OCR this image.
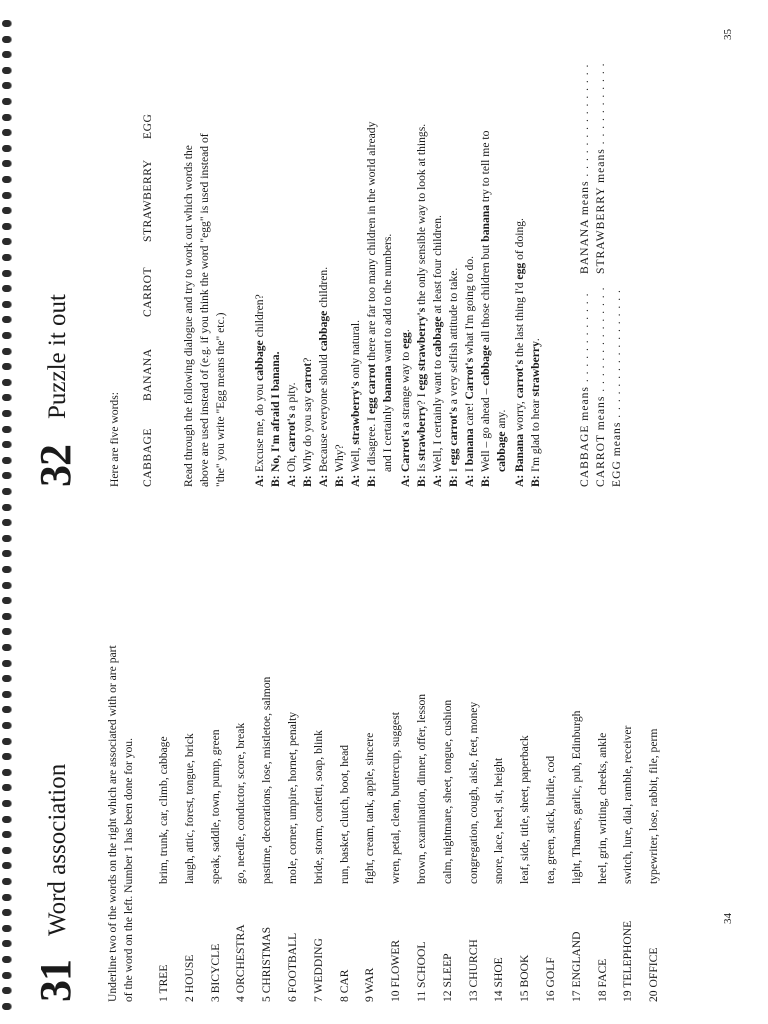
31
Word association	Underline two of the words on the right which are associated with or are part of the word on the left. Number 1 has been done for you. 1 TREE
brim, trunk, car, climb, cabbage
2 HOUSE
laugh, attic, forest, tongue, brick
3 BICYCLE
speak, saddle, town, pump, green
4 ORCHESTRA
go, needle, conductor, score, break
5 CHRISTMAS
pastime, decorations, lose, mistletoe, salmon
6 FOOTBALL
mole, corner, umpire, hornet, penalty
7 WEDDING
bride, storm, confetti, soap, blink
8 CAR
run, basket, clutch, boot, head
9 WAR
fight, cream, tank, apple, sincere
10 FLOWER
wren, petal, clean, buttercup, suggest
11 SCHOOL
brown, examination, dinner, offer, lesson
12 SLEEP
calm, nightmare, sheet, tongue, cushion
13 CHURCH
congregation, cough, aisle, feet, money
14 SHOE
snore, lace, heel, sit, height
15 BOOK
leaf, side, title, sheet, paperback
16 GOLF
tea, green, stick, birdie, cod
17 ENGLAND
light, Thames, garlic, pub, Edinburgh
18 FACE
heel, grin, writing, cheeks, ankle
19 TELEPHONE
switch, lure, dial, ramble, receiver
20 OFFICE
typewriter, lose, rabbit, file, perm
34
32
Puzzle it out
Here are five words: CABBAGE
BANANA
CARROT
STRAWBERRY
EGG
Read through the following dialogue and try to work out which words the above are used instead of (e.g. if you think the word "egg" is used instead of "the" you write "Egg means the" etc.) A:Excuse me, do you cabbage children?
B:No, I'm afraid I banana.
A:Oh, carrot's a pity.
B:Why do you say carrot?
A:Because everyone should cabbage children.
B:Why?
A:Well, strawberry's only natural.
B:I disagree. I egg carrot there are far too many children in the world already
and I certainly banana want to add to the numbers.
A:Carrot's a strange way to egg.
B:Is strawberry? I egg strawberry's the only sensible way to look at things.
A:Well, I certainly want to cabbage at least four children.
B:I egg carrot's a very selfish attitude to take.
A:I banana care! Carrot's what I'm going to do.
B:Well – go ahead – cabbage all those children but banana try to tell me to
cabbage any.
A:Banana worry, carrot's the last thing I'd egg of doing.
B:I'm glad to hear strawberry.	CABBAGE means . . . . . . . . . . . . CARROT means . . . . . . . . . . . . . . EGG means . . . . . . . . . . . . . . . . .
BANANA means . . . . . . . . . . . . . . . STRAWBERRY means . . . . . . . . . . .
35
